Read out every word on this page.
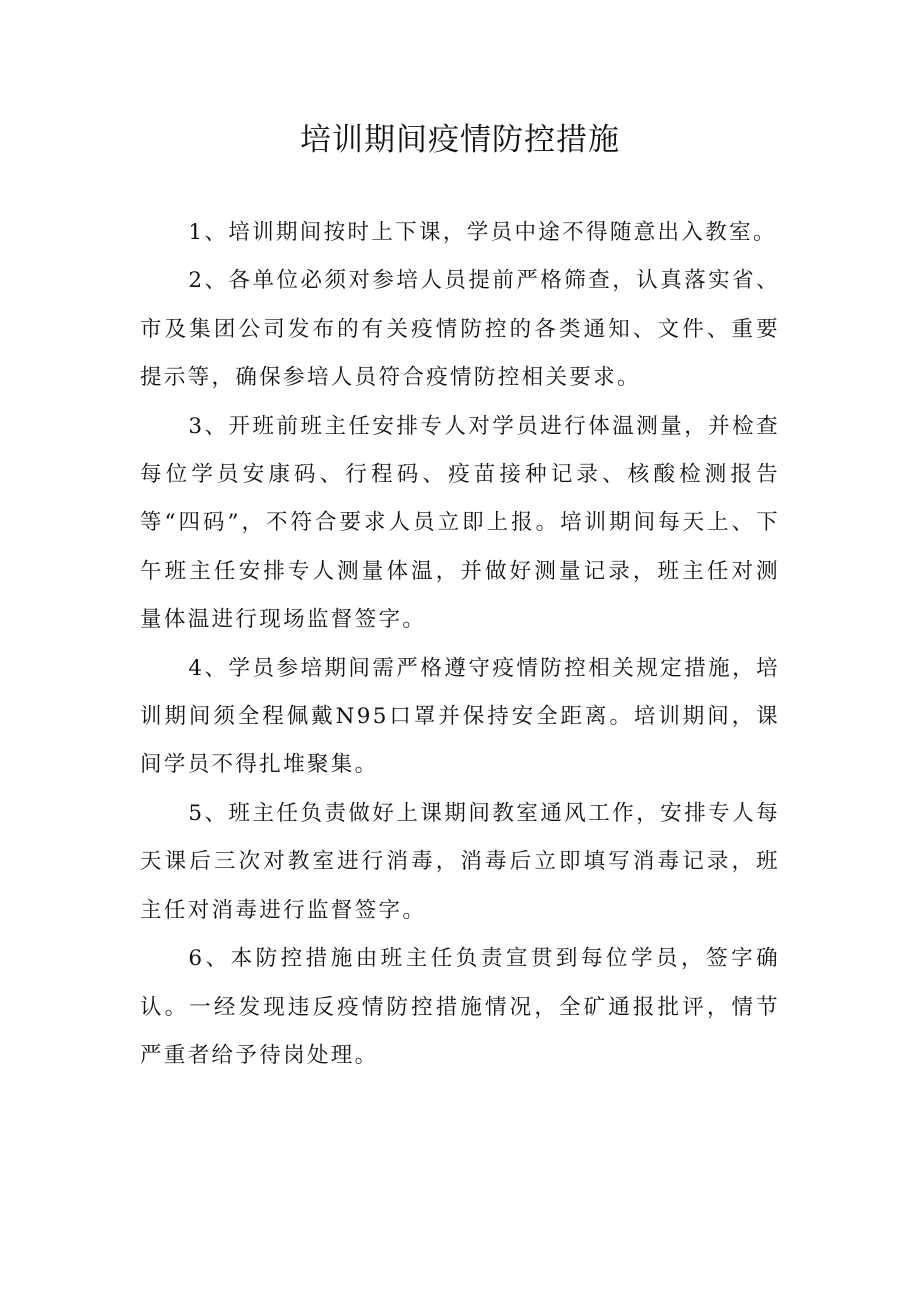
培训期间疫情防控措施

1、培训期间按时上下课，学员中途不得随意出入教室。

2、各单位必须对参培人员提前严格筛查，认真落实省、市及集团公司发布的有关疫情防控的各类通知、文件、重要提示等，确保参培人员符合疫情防控相关要求。

3、开班前班主任安排专人对学员进行体温测量，并检查每位学员安康码、行程码、疫苗接种记录、核酸检测报告等“四码”，不符合要求人员立即上报。培训期间每天上、下午班主任安排专人测量体温，并做好测量记录，班主任对测量体温进行现场监督签字。

4、学员参培期间需严格遵守疫情防控相关规定措施，培训期间须全程佩戴N95口罩并保持安全距离。培训期间，课间学员不得扎堆聚集。

5、班主任负责做好上课期间教室通风工作，安排专人每天课后三次对教室进行消毒，消毒后立即填写消毒记录，班主任对消毒进行监督签字。

6、本防控措施由班主任负责宣贯到每位学员，签字确认。一经发现违反疫情防控措施情况，全矿通报批评，情节严重者给予待岗处理。
